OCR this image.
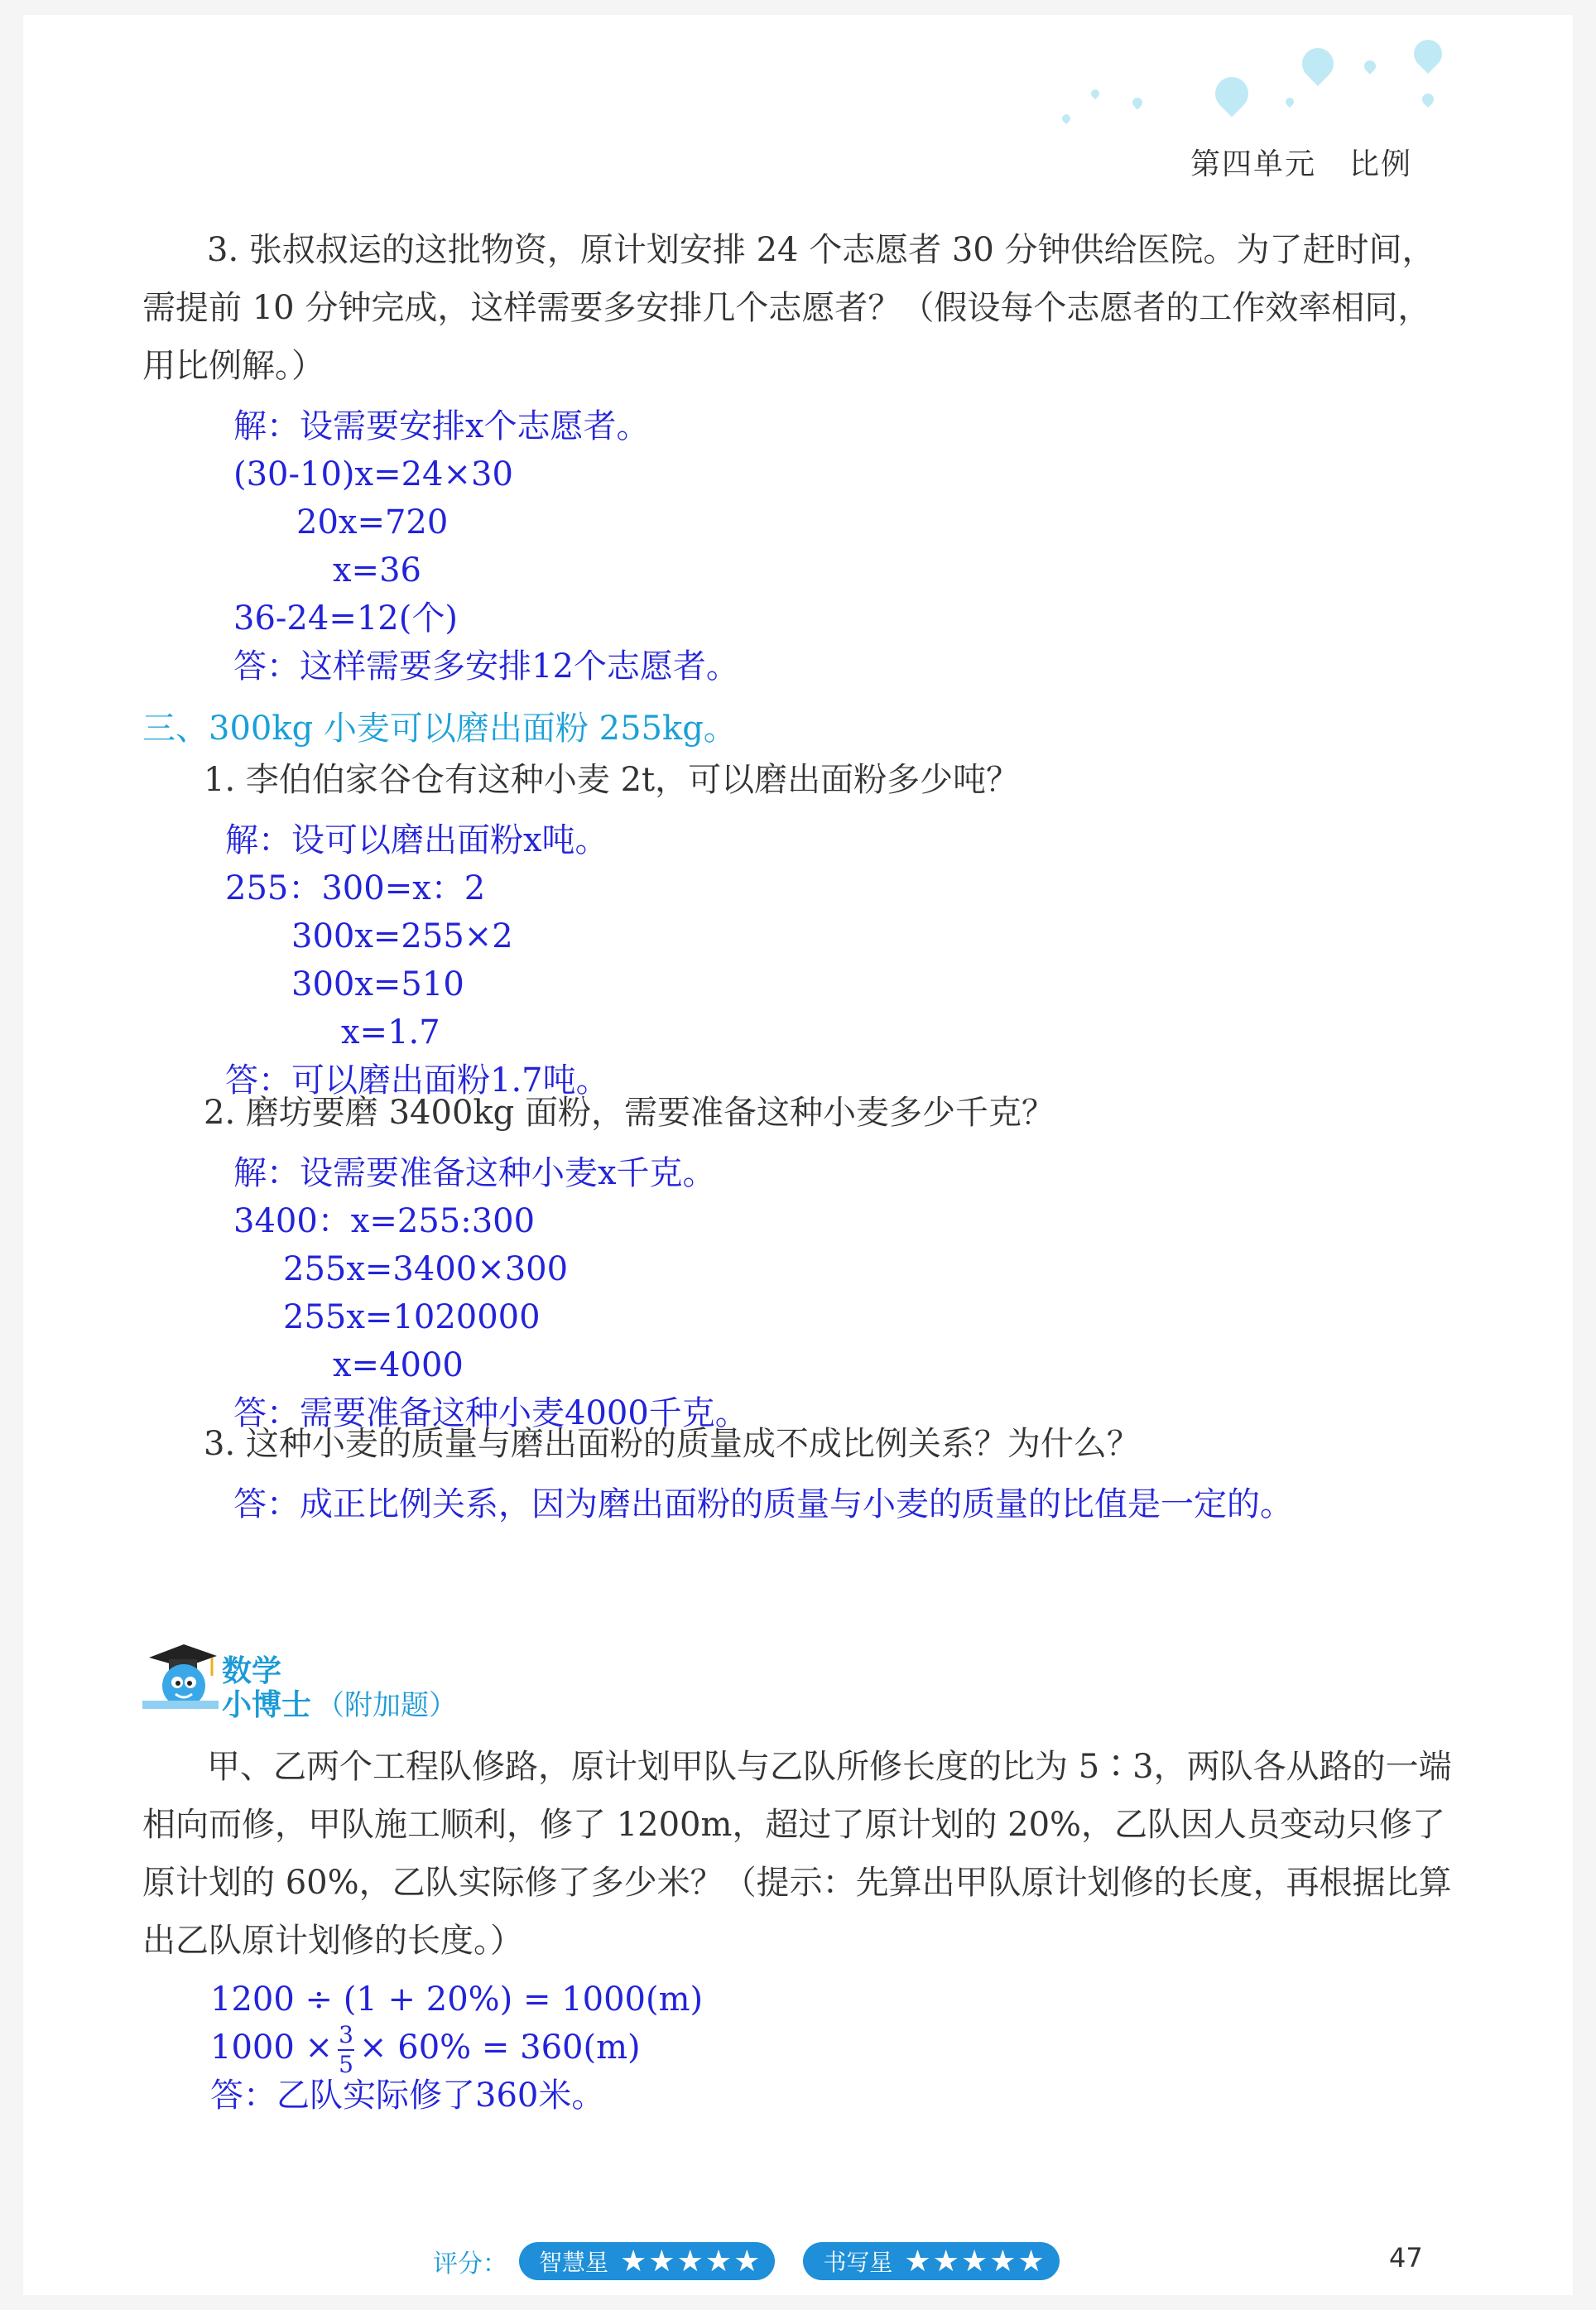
第四单元 比例
3. 张叔叔运的这批物资，原计划安排 24 个志愿者 30 分钟供给医院。为了赶时间，
需提前 10 分钟完成，这样需要多安排几个志愿者？（假设每个志愿者的工作效率相同，
用比例解。）
解：设需要安排x个志愿者。
(30-10)x=24×30
20x=720
x=36
36-24=12(个)
答：这样需要多安排12个志愿者。
三、300kg 小麦可以磨出面粉 255kg。
1. 李伯伯家谷仓有这种小麦 2t，可以磨出面粉多少吨？
解：设可以磨出面粉x吨。
255：300=x：2
300x=255×2
300x=510
x=1.7
答：可以磨出面粉1.7吨。
2. 磨坊要磨 3400kg 面粉，需要准备这种小麦多少千克？
解：设需要准备这种小麦x千克。
3400：x=255:300
255x=3400×300
255x=1020000
x=4000
答：需要准备这种小麦4000千克。
3. 这种小麦的质量与磨出面粉的质量成不成比例关系？为什么？
答：成正比例关系，因为磨出面粉的质量与小麦的质量的比值是一定的。
数学
小博士 （附加题）
甲、乙两个工程队修路，原计划甲队与乙队所修长度的比为 5∶3，两队各从路的一端
相向而修，甲队施工顺利，修了 1200m，超过了原计划的 20%，乙队因人员变动只修了
原计划的 60%，乙队实际修了多少米？（提示：先算出甲队原计划修的长度，再根据比算
出乙队原计划修的长度。）
1200 ÷ (1 + 20%) = 1000(m)
$1000 \times \frac{3}{5} \times 60\% = 360(m)$
答：乙队实际修了360米。
评分： 智慧星 ★★★★★	书写星 ★★★★★	47
